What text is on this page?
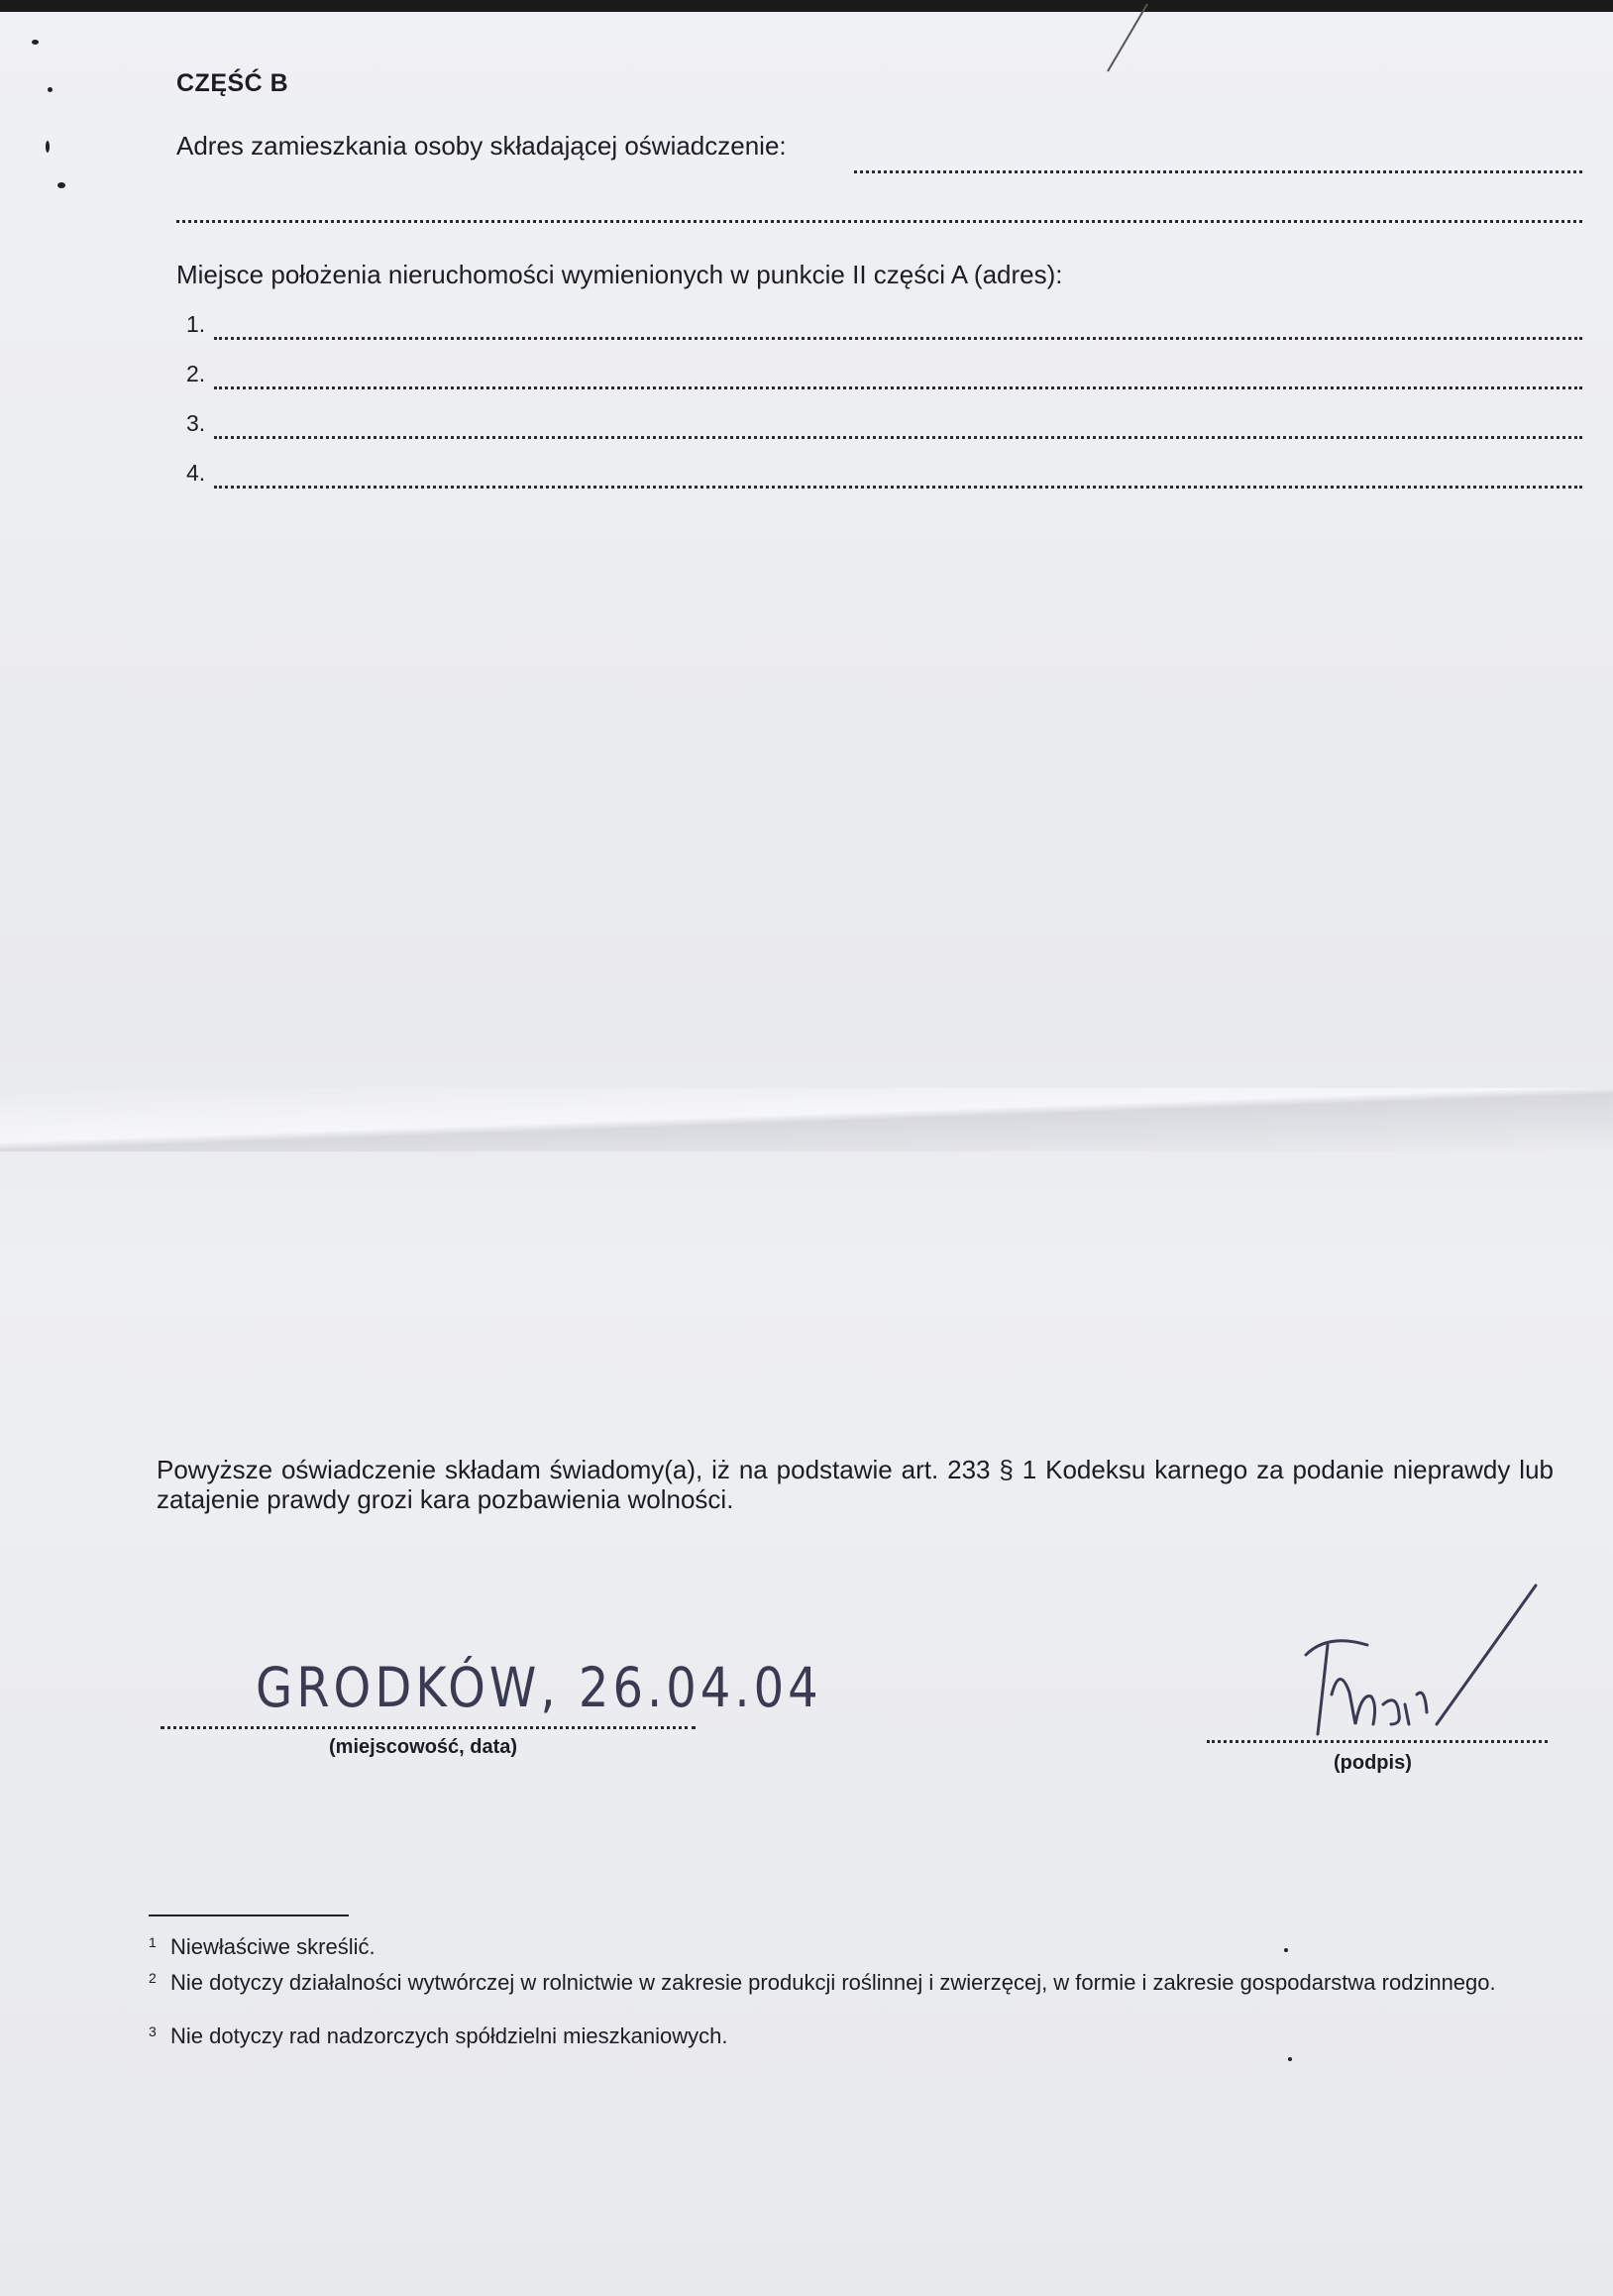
CZĘŚĆ B
Adres zamieszkania osoby składającej oświadczenie:
Miejsce położenia nieruchomości wymienionych w punkcie II części A (adres):
1.
2.
3.
4.
Powyższe oświadczenie składam świadomy(a), iż na podstawie art. 233 § 1 Kodeksu karnego za podanie nieprawdy lub zatajenie prawdy grozi kara pozbawienia wolności.
GRODKÓW, 26.04.04
(miejscowość, data)
(podpis)
1 Niewłaściwe skreślić.
2 Nie dotyczy działalności wytwórczej w rolnictwie w zakresie produkcji roślinnej i zwierzęcej, w formie i zakresie gospodarstwa rodzinnego.
3 Nie dotyczy rad nadzorczych spółdzielni mieszkaniowych.
